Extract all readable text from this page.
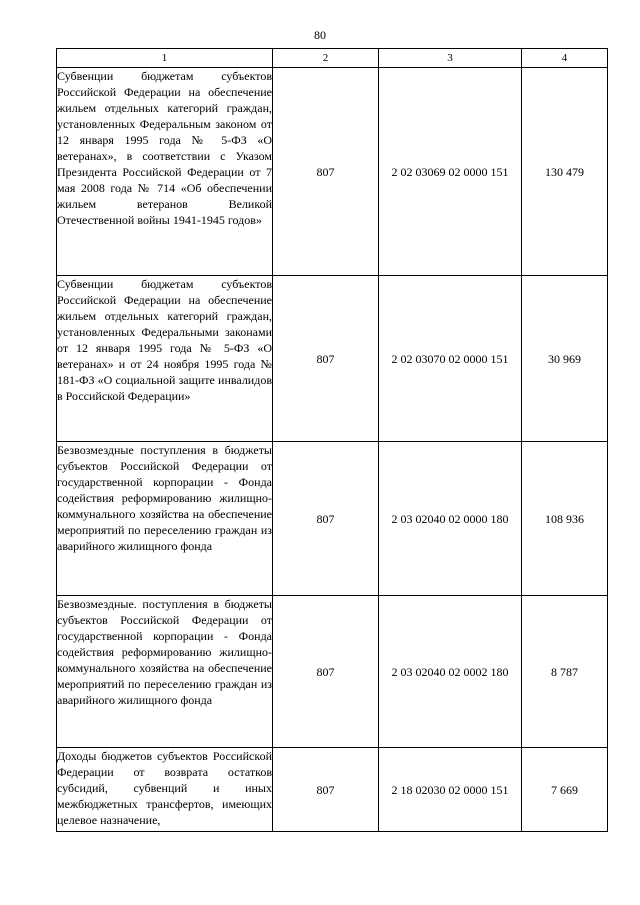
80
1	2	3	4
Субвенции бюджетам субъектов Российской Федерации на обеспечение жильем отдельных категорий граждан, установленных Федеральным законом от 12 января 1995 года № 5-ФЗ «О ветеранах», в соответствии с Указом Президента Российской Федерации от 7 мая 2008 года № 714 «Об обеспечении жильем ветеранов Великой Отечественной войны 1941-1945 годов»	807	2 02 03069 02 0000 151	130 479
Субвенции бюджетам субъектов Российской Федерации на обеспечение жильем отдельных категорий граждан, установленных Федеральными законами от 12 января 1995 года № 5-ФЗ «О ветеранах» и от 24 ноября 1995 года № 181-ФЗ «О социальной защите инвалидов в Российской Федерации»	807	2 02 03070 02 0000 151	30 969
Безвозмездные поступления в бюджеты субъектов Российской Федерации от государственной корпорации - Фонда содействия реформированию жилищно-коммунального хозяйства на обеспечение мероприятий по переселению граждан из аварийного жилищного фонда	807	2 03 02040 02 0000 180	108 936
Безвозмездные. поступления в бюджеты субъектов Российской Федерации от государственной корпорации - Фонда содействия реформированию жилищно-коммунального хозяйства на обеспечение мероприятий по переселению граждан из аварийного жилищного фонда	807	2 03 02040 02 0002 180	8 787
Доходы бюджетов субъектов Российской Федерации от возврата остатков субсидий, субвенций и иных межбюджетных трансфертов, имеющих целевое назначение,	807	2 18 02030 02 0000 151	7 669
